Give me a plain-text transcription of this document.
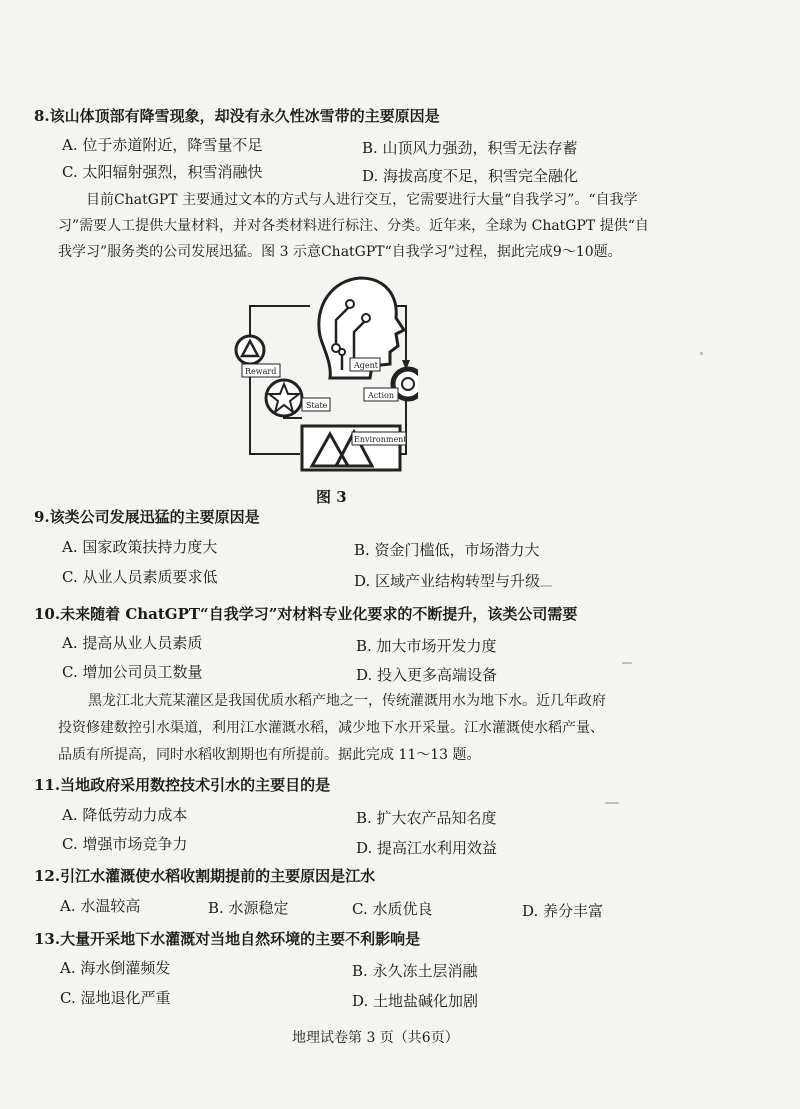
8.该山体顶部有降雪现象，却没有永久性冰雪带的主要原因是
A. 位于赤道附近，降雪量不足	B. 山顶风力强劲，积雪无法存蓄
C. 太阳辐射强烈，积雪消融快	D. 海拔高度不足，积雪完全融化
目前ChatGPT 主要通过文本的方式与人进行交互，它需要进行大量“自我学习”。“自我学
习”需要人工提供大量材料，并对各类材料进行标注、分类。近年来，全球为 ChatGPT 提供“自
我学习”服务类的公司发展迅猛。图 3 示意ChatGPT“自我学习”过程，据此完成9～10题。
Reward
Agent
Action
State
Environment
图 3
9.该类公司发展迅猛的主要原因是
A. 国家政策扶持力度大	B. 资金门槛低，市场潜力大
C. 从业人员素质要求低	D. 区域产业结构转型与升级
10.未来随着 ChatGPT“自我学习”对材料专业化要求的不断提升，该类公司需要
A. 提高从业人员素质	B. 加大市场开发力度
C. 增加公司员工数量	D. 投入更多高端设备
黑龙江北大荒某灌区是我国优质水稻产地之一，传统灌溉用水为地下水。近几年政府
投资修建数控引水渠道，利用江水灌溉水稻，减少地下水开采量。江水灌溉使水稻产量、
品质有所提高，同时水稻收割期也有所提前。据此完成 11～13 题。
11.当地政府采用数控技术引水的主要目的是
A. 降低劳动力成本	B. 扩大农产品知名度
C. 增强市场竞争力	D. 提高江水利用效益
12.引江水灌溉使水稻收割期提前的主要原因是江水
A. 水温较高	B. 水源稳定	C. 水质优良	D. 养分丰富
13.大量开采地下水灌溉对当地自然环境的主要不利影响是
A. 海水倒灌频发	B. 永久冻土层消融
C. 湿地退化严重	D. 土地盐碱化加剧
地理试卷第 3 页（共6页）
